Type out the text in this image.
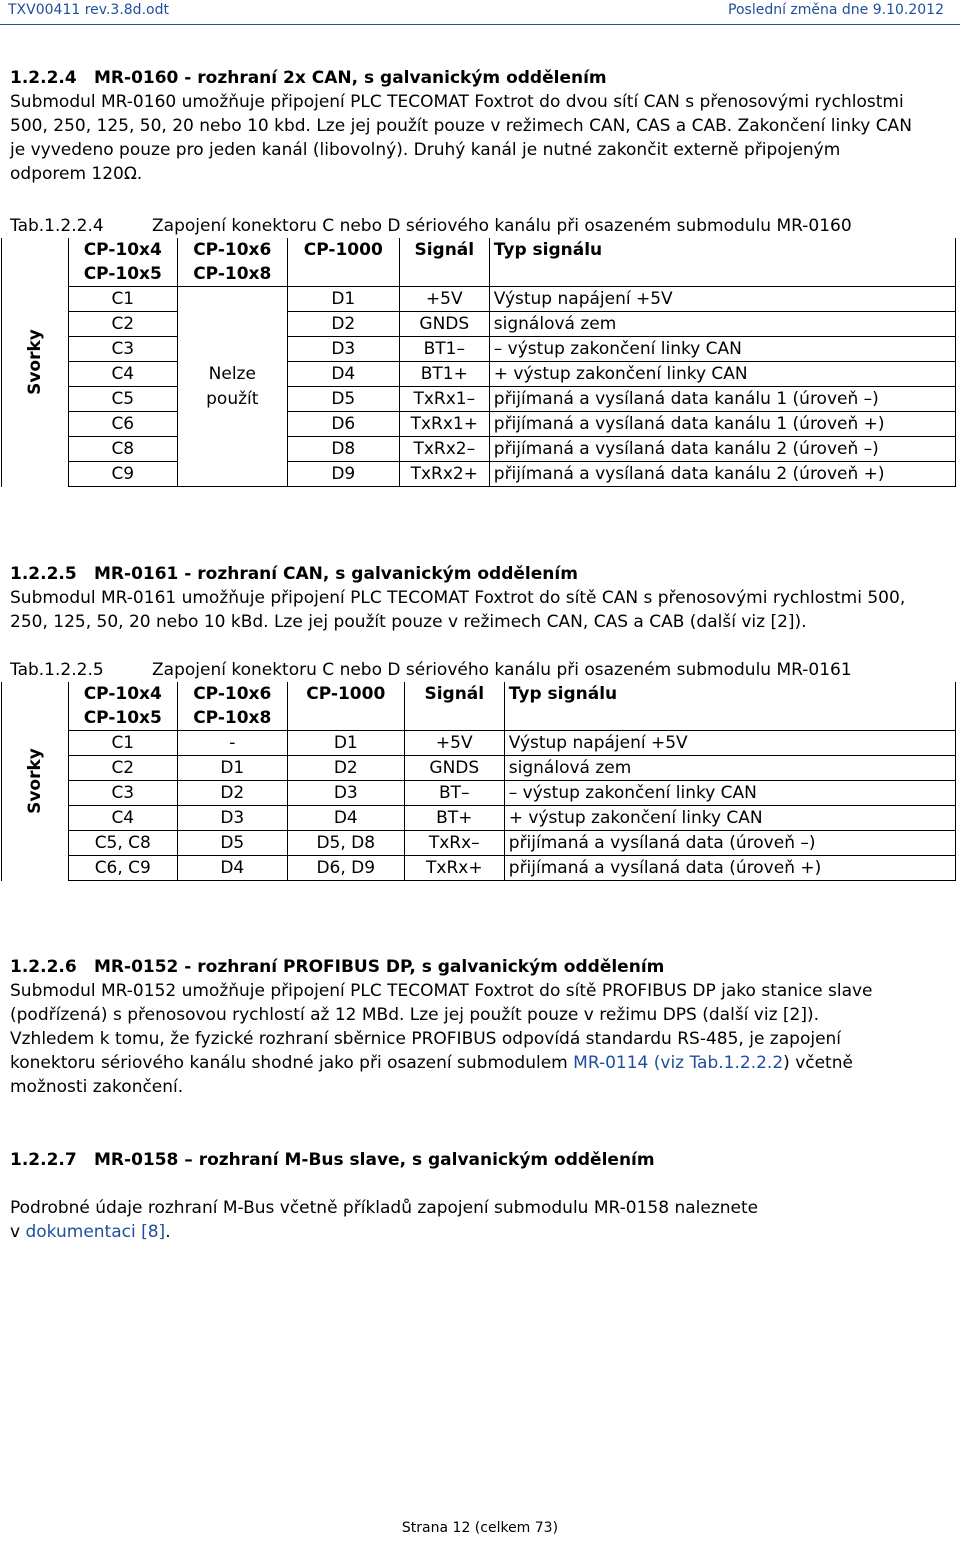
TXV00411 rev.3.8d.odt	Poslední změna dne 9.10.2012
1.2.2.4 MR-0160 - rozhraní 2x CAN, s galvanickým oddělením

Submodul MR-0160 umožňuje připojení PLC TECOMAT Foxtrot do dvou sítí CAN s přenosovými rychlostmi

500, 250, 125, 50, 20 nebo 10 kbd. Lze jej použít pouze v režimech CAN, CAS a CAB. Zakončení linky CAN

je vyvedeno pouze pro jeden kanál (libovolný). Druhý kanál je nutné zakončit externě připojeným

odporem 120Ω.

Tab.1.2.2.4	Zapojení konektoru C nebo D sériového kanálu při osazeném submodulu MR-0160
Svorky	CP-10x4	CP-10x6	CP-1000	Signál	Typ signálu
	CP-10x5	CP-10x8			
	C1		D1	+5V	Výstup napájení +5V
	C2		D2	GNDS	signálová zem
	C3		D3	BT1–	– výstup zakončení linky CAN
	C4	Nelze	D4	BT1+	+ výstup zakončení linky CAN
	C5	použít	D5	TxRx1–	přijímaná a vysílaná data kanálu 1 (úroveň –)
	C6		D6	TxRx1+	přijímaná a vysílaná data kanálu 1 (úroveň +)
	C8		D8	TxRx2–	přijímaná a vysílaná data kanálu 2 (úroveň –)
	C9		D9	TxRx2+	přijímaná a vysílaná data kanálu 2 (úroveň +)
1.2.2.5 MR-0161 - rozhraní CAN, s galvanickým oddělením

Submodul MR-0161 umožňuje připojení PLC TECOMAT Foxtrot do sítě CAN s přenosovými rychlostmi 500,

250, 125, 50, 20 nebo 10 kBd. Lze jej použít pouze v režimech CAN, CAS a CAB (další viz [2]).

Tab.1.2.2.5	Zapojení konektoru C nebo D sériového kanálu při osazeném submodulu MR-0161
Svorky	CP-10x4	CP-10x6	CP-1000	Signál	Typ signálu
	CP-10x5	CP-10x8			
	C1	-	D1	+5V	Výstup napájení +5V
	C2	D1	D2	GNDS	signálová zem
	C3	D2	D3	BT–	– výstup zakončení linky CAN
	C4	D3	D4	BT+	+ výstup zakončení linky CAN
	C5, C8	D5	D5, D8	TxRx–	přijímaná a vysílaná data (úroveň –)
	C6, C9	D4	D6, D9	TxRx+	přijímaná a vysílaná data (úroveň +)
1.2.2.6 MR-0152 - rozhraní PROFIBUS DP, s galvanickým oddělením

Submodul MR-0152 umožňuje připojení PLC TECOMAT Foxtrot do sítě PROFIBUS DP jako stanice slave

(podřízená) s přenosovou rychlostí až 12 MBd. Lze jej použít pouze v režimu DPS (další viz [2]).

Vzhledem k tomu, že fyzické rozhraní sběrnice PROFIBUS odpovídá standardu RS-485, je zapojení

konektoru sériového kanálu shodné jako při osazení submodulem MR-0114 (viz Tab.1.2.2.2) včetně

možnosti zakončení.

1.2.2.7 MR-0158 – rozhraní M-Bus slave, s galvanickým oddělením

Podrobné údaje rozhraní M-Bus včetně příkladů zapojení submodulu MR-0158 naleznete

v dokumentaci [8].

Strana 12 (celkem 73)
